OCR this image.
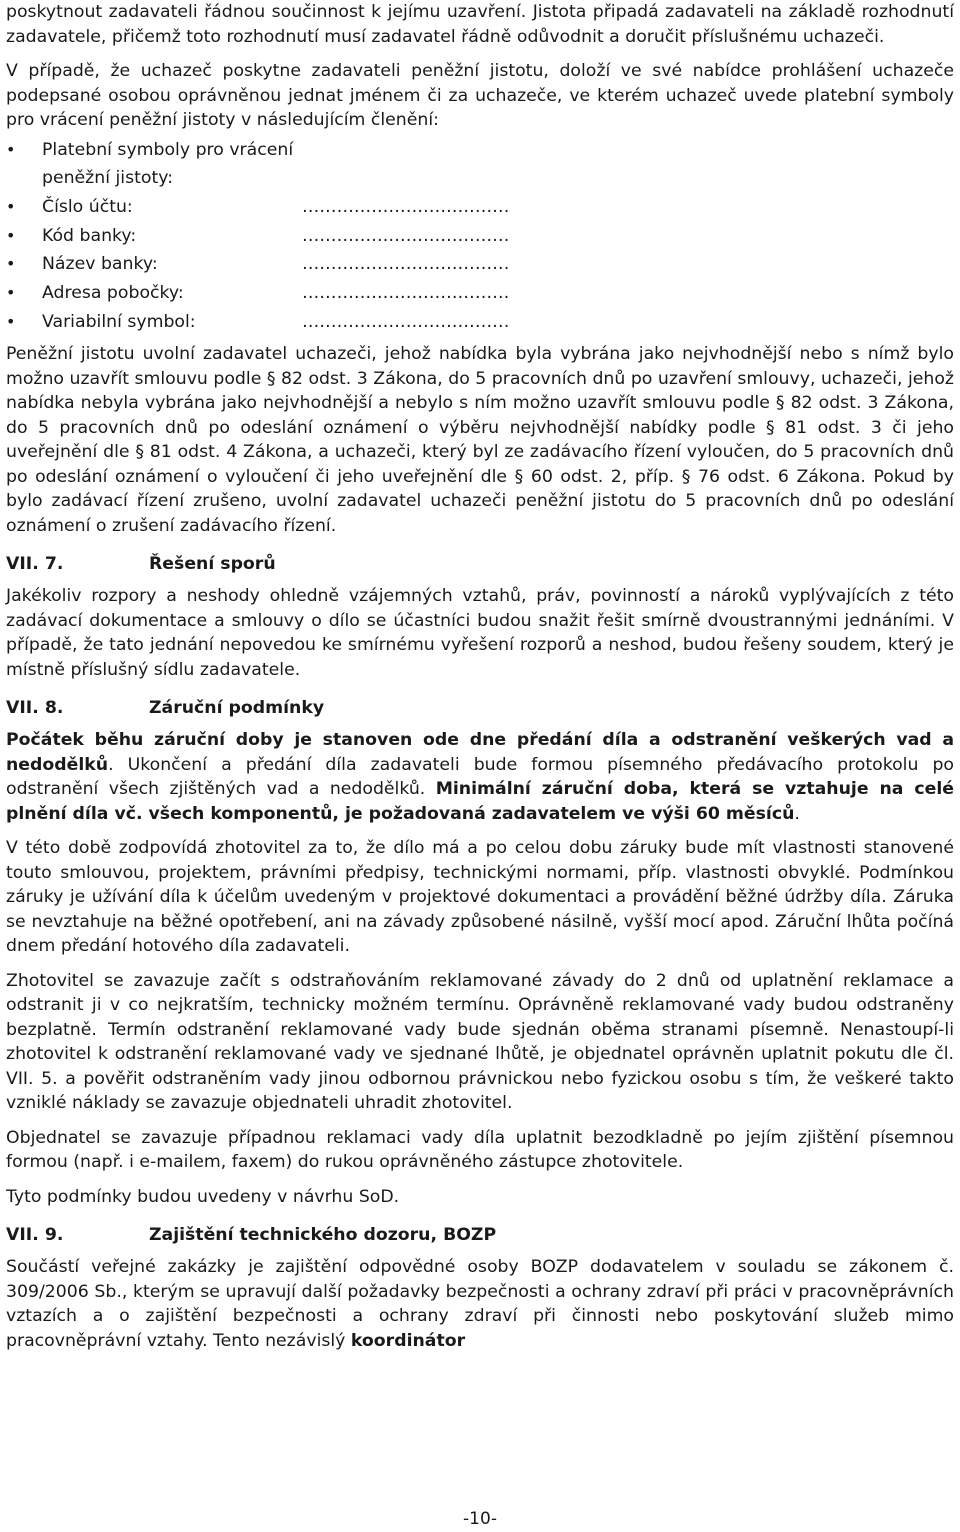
poskytnout zadavateli řádnou součinnost k jejímu uzavření. Jistota připadá zadavateli na základě rozhodnutí zadavatele, přičemž toto rozhodnutí musí zadavatel řádně odůvodnit a doručit příslušnému uchazeči.

V případě, že uchazeč poskytne zadavateli peněžní jistotu, doloží ve své nabídce prohlášení uchazeče podepsané osobou oprávněnou jednat jménem či za uchazeče, ve kterém uchazeč uvede platební symboly pro vrácení peněžní jistoty v následujícím členění:

• Platební symboly pro vrácení peněžní jistoty:
• Číslo účtu:	………………………………
• Kód banky:	………………………………
• Název banky:	………………………………
• Adresa pobočky:	………………………………
• Variabilní symbol:	………………………………

Peněžní jistotu uvolní zadavatel uchazeči, jehož nabídka byla vybrána jako nejvhodnější nebo s nímž bylo možno uzavřít smlouvu podle § 82 odst. 3 Zákona, do 5 pracovních dnů po uzavření smlouvy, uchazeči, jehož nabídka nebyla vybrána jako nejvhodnější a nebylo s ním možno uzavřít smlouvu podle § 82 odst. 3 Zákona, do 5 pracovních dnů po odeslání oznámení o výběru nejvhodnější nabídky podle § 81 odst. 3 či jeho uveřejnění dle § 81 odst. 4 Zákona, a uchazeči, který byl ze zadávacího řízení vyloučen, do 5 pracovních dnů po odeslání oznámení o vyloučení či jeho uveřejnění dle § 60 odst. 2, příp. § 76 odst. 6 Zákona. Pokud by bylo zadávací řízení zrušeno, uvolní zadavatel uchazeči peněžní jistotu do 5 pracovních dnů po odeslání oznámení o zrušení zadávacího řízení.

VII. 7.	Řešení sporů

Jakékoliv rozpory a neshody ohledně vzájemných vztahů, práv, povinností a nároků vyplývajících z této zadávací dokumentace a smlouvy o dílo se účastníci budou snažit řešit smírně dvoustrannými jednáními. V případě, že tato jednání nepovedou ke smírnému vyřešení rozporů a neshod, budou řešeny soudem, který je místně příslušný sídlu zadavatele.

VII. 8.	Záruční podmínky

Počátek běhu záruční doby je stanoven ode dne předání díla a odstranění veškerých vad a nedodělků. Ukončení a předání díla zadavateli bude formou písemného předávacího protokolu po odstranění všech zjištěných vad a nedodělků. Minimální záruční doba, která se vztahuje na celé plnění díla vč. všech komponentů, je požadovaná zadavatelem ve výši 60 měsíců.

V této době zodpovídá zhotovitel za to, že dílo má a po celou dobu záruky bude mít vlastnosti stanovené touto smlouvou, projektem, právními předpisy, technickými normami, příp. vlastnosti obvyklé. Podmínkou záruky je užívání díla k účelům uvedeným v projektové dokumentaci a provádění běžné údržby díla. Záruka se nevztahuje na běžné opotřebení, ani na závady způsobené násilně, vyšší mocí apod. Záruční lhůta počíná dnem předání hotového díla zadavateli.

Zhotovitel se zavazuje začít s odstraňováním reklamované závady do 2 dnů od uplatnění reklamace a odstranit ji v co nejkratším, technicky možném termínu. Oprávněně reklamované vady budou odstraněny bezplatně. Termín odstranění reklamované vady bude sjednán oběma stranami písemně. Nenastoupí-li zhotovitel k odstranění reklamované vady ve sjednané lhůtě, je objednatel oprávněn uplatnit pokutu dle čl. VII. 5. a pověřit odstraněním vady jinou odbornou právnickou nebo fyzickou osobu s tím, že veškeré takto vzniklé náklady se zavazuje objednateli uhradit zhotovitel.

Objednatel se zavazuje případnou reklamaci vady díla uplatnit bezodkladně po jejím zjištění písemnou formou (např. i e-mailem, faxem) do rukou oprávněného zástupce zhotovitele.

Tyto podmínky budou uvedeny v návrhu SoD.

VII. 9.	Zajištění technického dozoru, BOZP

Součástí veřejné zakázky je zajištění odpovědné osoby BOZP dodavatelem v souladu se zákonem č. 309/2006 Sb., kterým se upravují další požadavky bezpečnosti a ochrany zdraví při práci v pracovněprávních vztazích a o zajištění bezpečnosti a ochrany zdraví při činnosti nebo poskytování služeb mimo pracovněprávní vztahy. Tento nezávislý koordinátor

-10-
